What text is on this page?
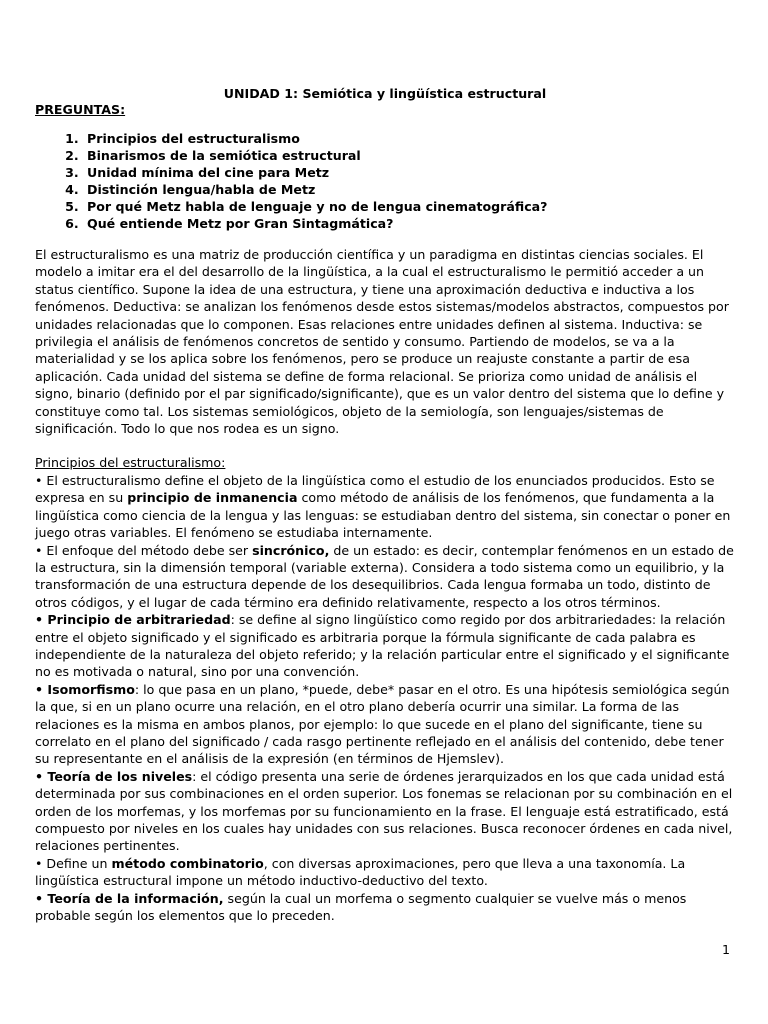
UNIDAD 1: Semiótica y lingüística estructural
PREGUNTAS:
1. Principios del estructuralismo
2. Binarismos de la semiótica estructural
3. Unidad mínima del cine para Metz
4. Distinción lengua/habla de Metz
5. Por qué Metz habla de lenguaje y no de lengua cinematográfica?
6. Qué entiende Metz por Gran Sintagmática?

El estructuralismo es una matriz de producción científica y un paradigma en distintas ciencias sociales. El modelo a imitar era el del desarrollo de la lingüística, a la cual el estructuralismo le permitió acceder a un status científico. Supone la idea de una estructura, y tiene una aproximación deductiva e inductiva a los fenómenos. Deductiva: se analizan los fenómenos desde estos sistemas/modelos abstractos, compuestos por unidades relacionadas que lo componen. Esas relaciones entre unidades definen al sistema. Inductiva: se privilegia el análisis de fenómenos concretos de sentido y consumo. Partiendo de modelos, se va a la materialidad y se los aplica sobre los fenómenos, pero se produce un reajuste constante a partir de esa aplicación. Cada unidad del sistema se define de forma relacional. Se prioriza como unidad de análisis el signo, binario (definido por el par significado/significante), que es un valor dentro del sistema que lo define y constituye como tal. Los sistemas semiológicos, objeto de la semiología, son lenguajes/sistemas de significación. Todo lo que nos rodea es un signo.

Principios del estructuralismo:

• El estructuralismo define el objeto de la lingüística como el estudio de los enunciados producidos. Esto se expresa en su principio de inmanencia como método de análisis de los fenómenos, que fundamenta a la lingüística como ciencia de la lengua y las lenguas: se estudiaban dentro del sistema, sin conectar o poner en juego otras variables. El fenómeno se estudiaba internamente.

• El enfoque del método debe ser sincrónico, de un estado: es decir, contemplar fenómenos en un estado de la estructura, sin la dimensión temporal (variable externa). Considera a todo sistema como un equilibrio, y la transformación de una estructura depende de los desequilibrios. Cada lengua formaba un todo, distinto de otros códigos, y el lugar de cada término era definido relativamente, respecto a los otros términos.

• Principio de arbitrariedad: se define al signo lingüístico como regido por dos arbitrariedades: la relación entre el objeto significado y el significado es arbitraria porque la fórmula significante de cada palabra es independiente de la naturaleza del objeto referido; y la relación particular entre el significado y el significante no es motivada o natural, sino por una convención.

• Isomorfismo: lo que pasa en un plano, *puede, debe* pasar en el otro. Es una hipótesis semiológica según la que, si en un plano ocurre una relación, en el otro plano debería ocurrir una similar. La forma de las relaciones es la misma en ambos planos, por ejemplo: lo que sucede en el plano del significante, tiene su correlato en el plano del significado / cada rasgo pertinente reflejado en el análisis del contenido, debe tener su representante en el análisis de la expresión (en términos de Hjemslev).

• Teoría de los niveles: el código presenta una serie de órdenes jerarquizados en los que cada unidad está determinada por sus combinaciones en el orden superior. Los fonemas se relacionan por su combinación en el orden de los morfemas, y los morfemas por su funcionamiento en la frase. El lenguaje está estratificado, está compuesto por niveles en los cuales hay unidades con sus relaciones. Busca reconocer órdenes en cada nivel, relaciones pertinentes.

• Define un método combinatorio, con diversas aproximaciones, pero que lleva a una taxonomía. La lingüística estructural impone un método inductivo-deductivo del texto.

• Teoría de la información, según la cual un morfema o segmento cualquier se vuelve más o menos probable según los elementos que lo preceden.

1
